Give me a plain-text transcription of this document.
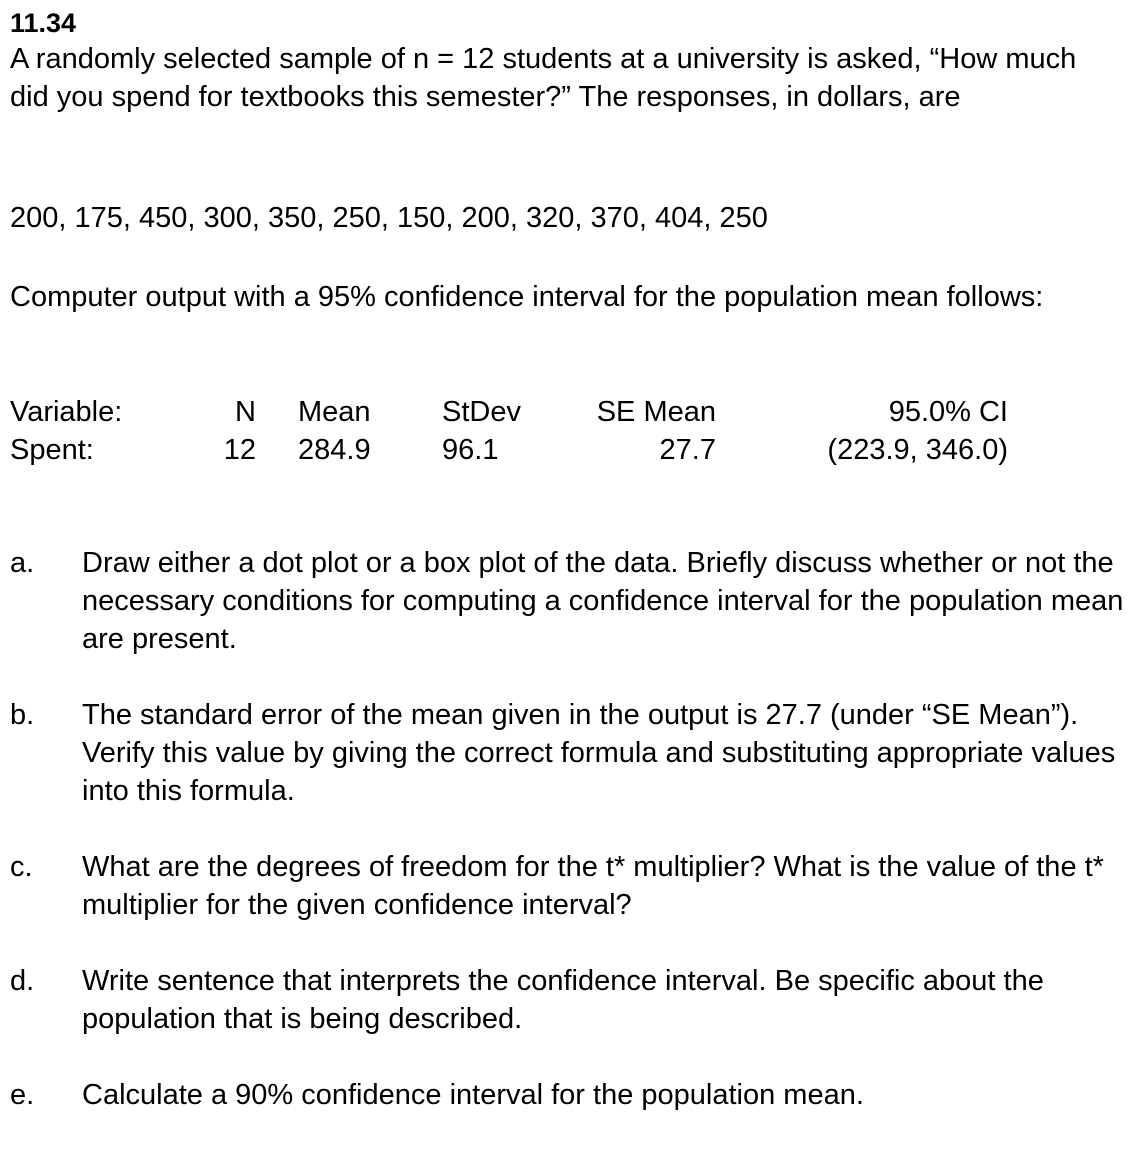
11.34

A randomly selected sample of n = 12 students at a university is asked, “How much did you spend for textbooks this semester?” The responses, in dollars, are

200, 175, 450, 300, 350, 250, 150, 200, 320, 370, 404, 250

Computer output with a 95% confidence interval for the population mean follows:

Variable:	N Mean StDev	SE Mean	95.0% CI
Spent:	12 284.9 96.1	27.7	(223.9, 346.0)
a. Draw either a dot plot or a box plot of the data. Briefly discuss whether or not the necessary conditions for computing a confidence interval for the population mean are present.
b. The standard error of the mean given in the output is 27.7 (under “SE Mean”). Verify this value by giving the correct formula and substituting appropriate values into this formula.
c. What are the degrees of freedom for the t* multiplier? What is the value of the t* multiplier for the given confidence interval?
d. Write sentence that interprets the confidence interval. Be specific about the population that is being described.
e. Calculate a 90% confidence interval for the population mean.
